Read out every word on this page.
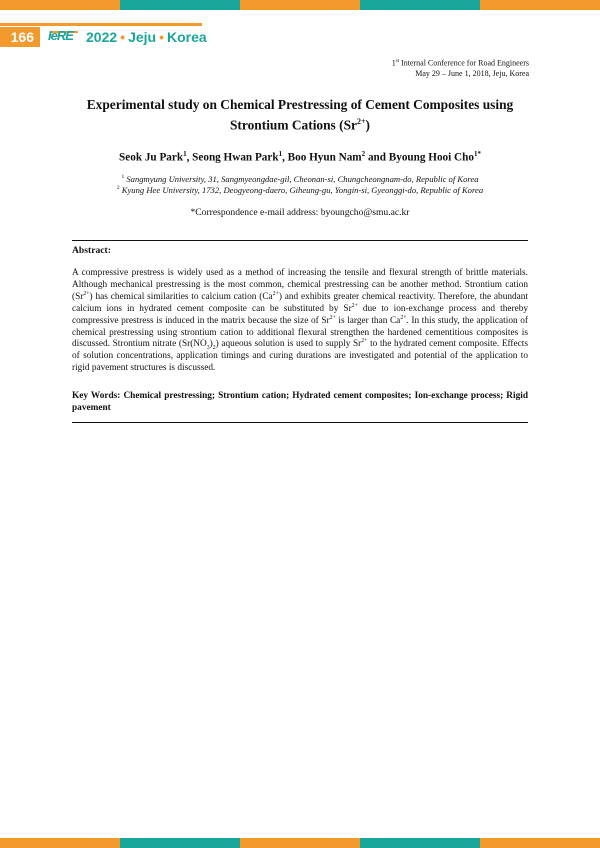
166	IeRE 2022 • Jeju • Korea
1st Internal Conference for Road Engineers
May 29 – June 1, 2018, Jeju, Korea
Experimental study on Chemical Prestressing of Cement Composites using
Strontium Cations $(Sr^{2+})$
Seok Ju Park$^1$, Seong Hwan Park$^1$, Boo Hyun Nam$^2$ and Byoung Hooi Cho$^{1*}$
$^1$ Sangmyung University, 31, Sangmyeongdae-gil, Cheonan-si, Chungcheongnam-do, Republic of Korea
$^2$ Kyung Hee University, 1732, Deogyeong-daero, Giheung-gu, Yongin-si, Gyeonggi-do, Republic of Korea
*Correspondence e-mail address: byoungcho@smu.ac.kr
Abstract:
A compressive prestress is widely used as a method of increasing the tensile and flexural strength of brittle materials. Although mechanical prestressing is the most common, chemical prestressing can be another method. Strontium cation $(Sr^{2+})$ has chemical similarities to calcium cation $(Ca^{2+})$ and exhibits greater chemical reactivity. Therefore, the abundant calcium ions in hydrated cement composite can be substituted by $Sr^{2+}$ due to ion-exchange process and thereby compressive prestress is induced in the matrix because the size of $Sr^{2+}$ is larger than $Ca^{2+}$. In this study, the application of chemical prestressing using strontium cation to additional flexural strengthen the hardened cementitious composites is discussed. Strontium nitrate $(Sr(NO_3)_2)$ aqueous solution is used to supply $Sr^{2+}$ to the hydrated cement composite. Effects of solution concentrations, application timings and curing durations are investigated and potential of the application to rigid pavement structures is discussed.
Key Words: Chemical prestressing; Strontium cation; Hydrated cement composites; Ion-exchange process; Rigid pavement
